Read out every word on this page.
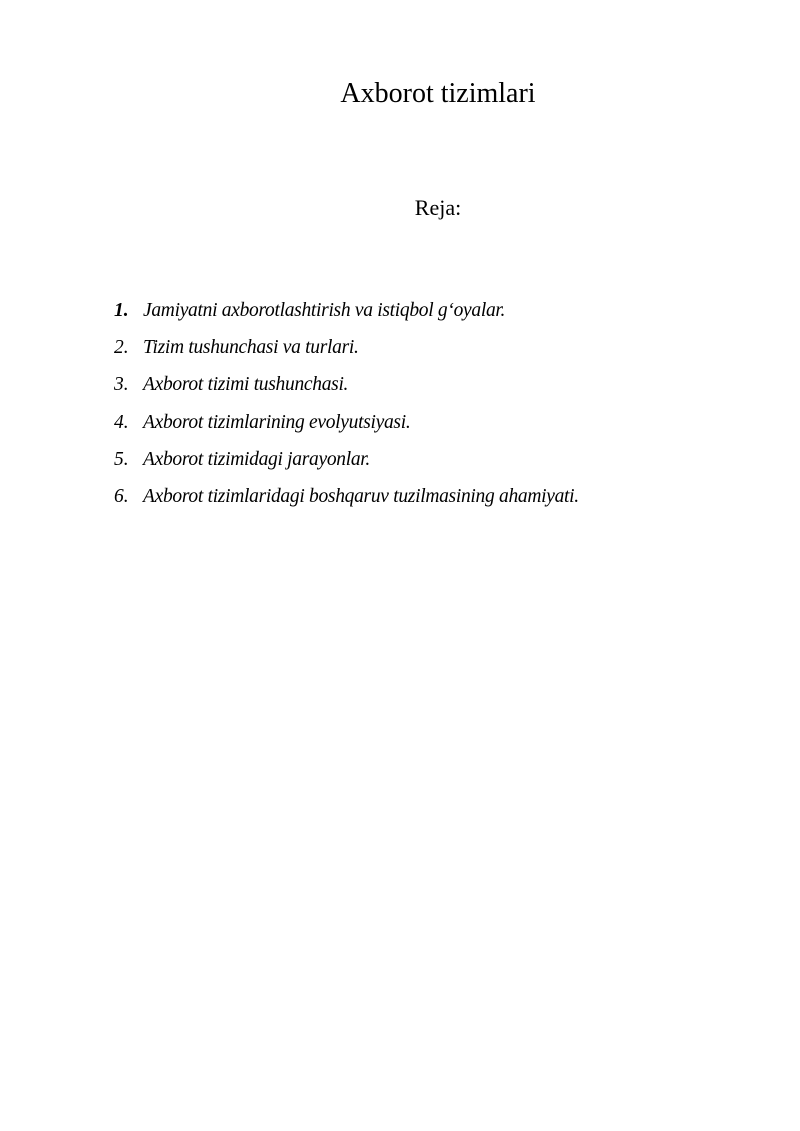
Axborot tizimlari
Reja:
1. Jamiyatni axborotlashtirish va istiqbol g‘oyalar.
2. Tizim tushunchasi va turlari.
3. Axborot tizimi tushunchasi.
4. Axborot tizimlarining evolyutsiyasi.
5. Axborot tizimidagi jarayonlar.
6. Axborot tizimlaridagi boshqaruv tuzilmasining ahamiyati.
